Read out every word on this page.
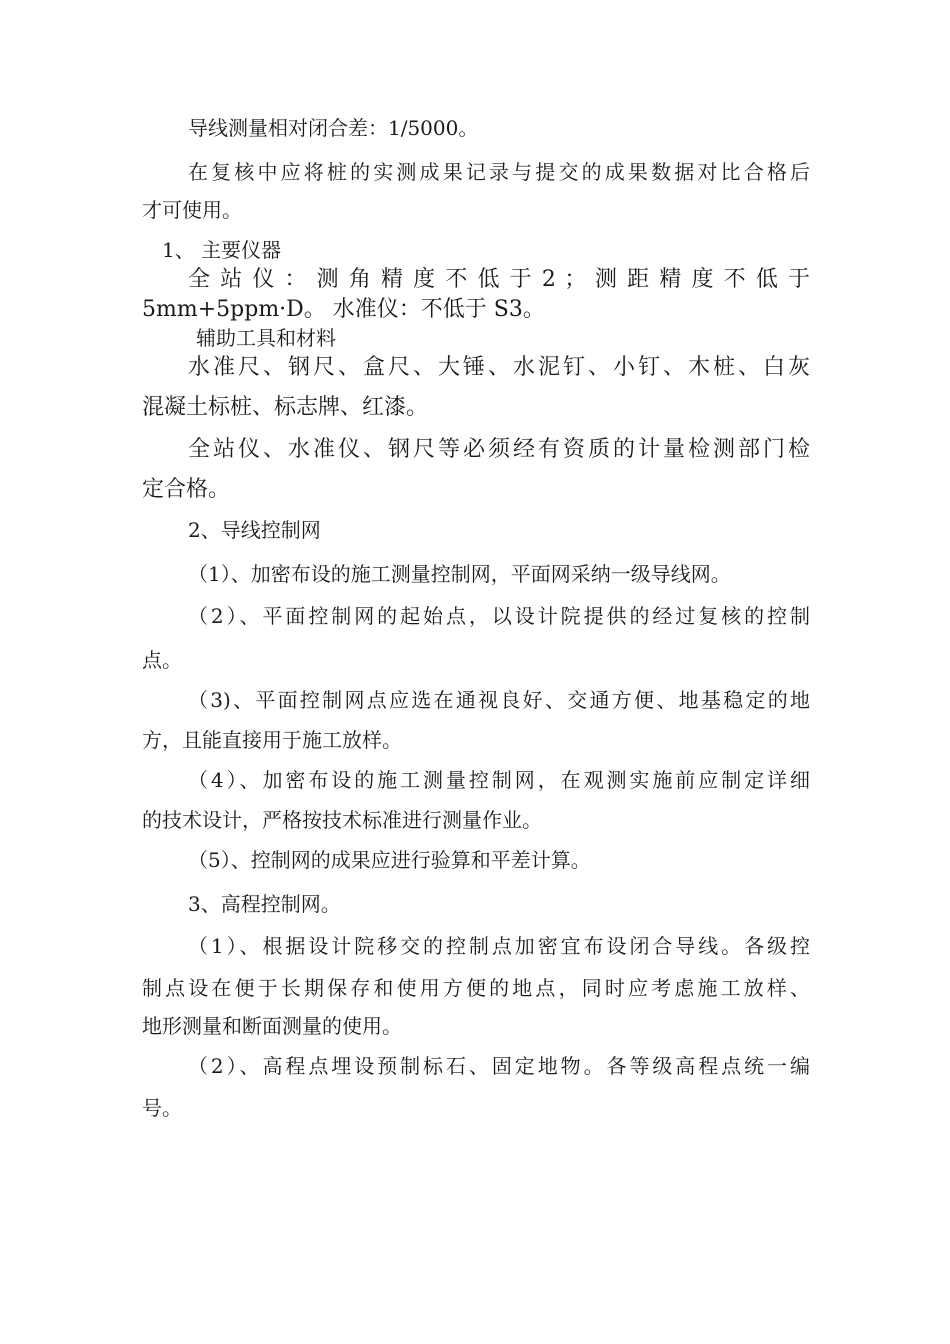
导线测量相对闭合差：1/5000。
在复核中应将桩的实测成果记录与提交的成果数据对比合格后
才可使用。
1、 主要仪器
全 站 仪 ： 测 角 精 度 不 低 于 2 ； 测 距 精 度 不 低 于
5mm+5ppm·D。 水准仪：不低于 S3。
辅助工具和材料
水准尺、钢尺、盒尺、大锤、水泥钉、小钉、木桩、白灰
混凝土标桩、标志牌、红漆。
全站仪、水准仪、钢尺等必须经有资质的计量检测部门检
定合格。
2、导线控制网
（1）、加密布设的施工测量控制网，平面网采纳一级导线网。
（2）、平面控制网的起始点，以设计院提供的经过复核的控制
点。
（3)、平面控制网点应选在通视良好、交通方便、地基稳定的地
方，且能直接用于施工放样。
（4）、加密布设的施工测量控制网，在观测实施前应制定详细
的技术设计，严格按技术标准进行测量作业。
（5）、控制网的成果应进行验算和平差计算。
3、高程控制网。
（1）、根据设计院移交的控制点加密宜布设闭合导线。各级控
制点设在便于长期保存和使用方便的地点，同时应考虑施工放样、
地形测量和断面测量的使用。
（2）、高程点埋设预制标石、固定地物。各等级高程点统一编
号。
